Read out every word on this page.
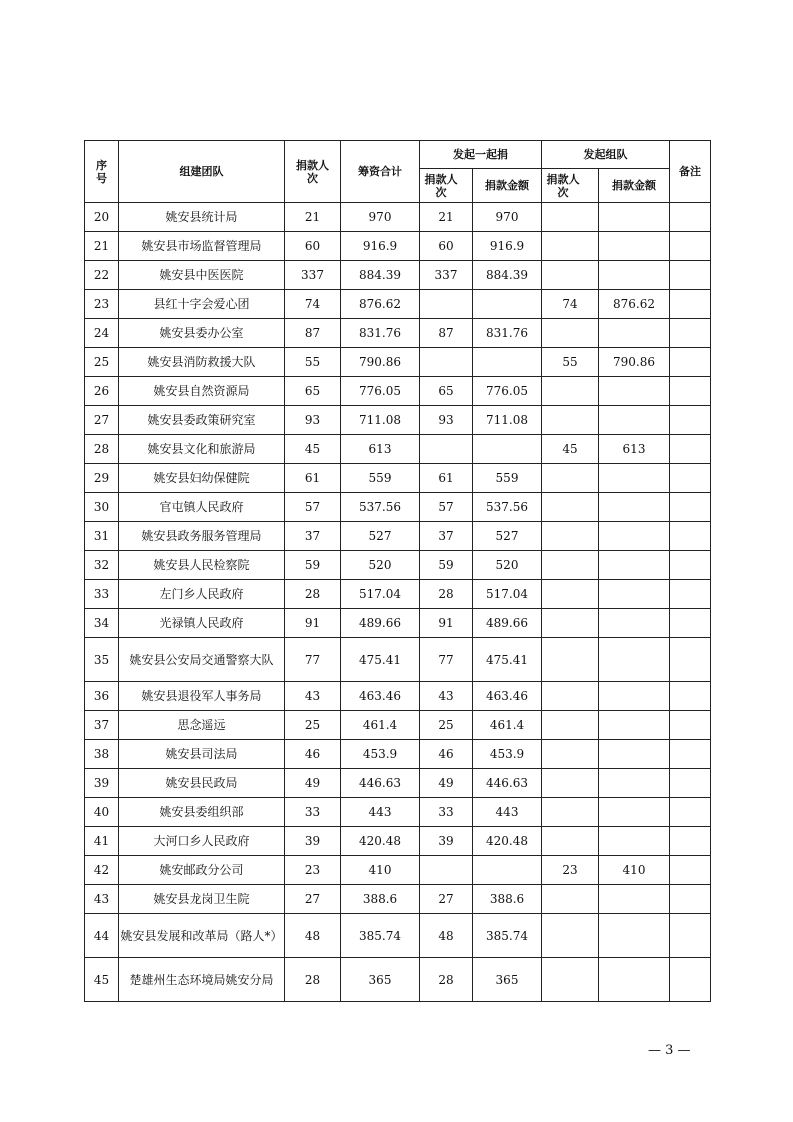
序号	组建团队	捐款人次	筹资合计	发起一起捐		发起组队		备注
				捐款人次	捐款金额	捐款人次	捐款金额	
20	姚安县统计局	21	970	21	970			
21	姚安县市场监督管理局	60	916.9	60	916.9			
22	姚安县中医医院	337	884.39	337	884.39			
23	县红十字会爱心团	74	876.62			74	876.62	
24	姚安县委办公室	87	831.76	87	831.76			
25	姚安县消防救援大队	55	790.86			55	790.86	
26	姚安县自然资源局	65	776.05	65	776.05			
27	姚安县委政策研究室	93	711.08	93	711.08			
28	姚安县文化和旅游局	45	613			45	613	
29	姚安县妇幼保健院	61	559	61	559			
30	官屯镇人民政府	57	537.56	57	537.56			
31	姚安县政务服务管理局	37	527	37	527			
32	姚安县人民检察院	59	520	59	520			
33	左门乡人民政府	28	517.04	28	517.04			
34	光禄镇人民政府	91	489.66	91	489.66			
35	姚安县公安局交通警察大队	77	475.41	77	475.41			
36	姚安县退役军人事务局	43	463.46	43	463.46			
37	思念遥远	25	461.4	25	461.4			
38	姚安县司法局	46	453.9	46	453.9			
39	姚安县民政局	49	446.63	49	446.63			
40	姚安县委组织部	33	443	33	443			
41	大河口乡人民政府	39	420.48	39	420.48			
42	姚安邮政分公司	23	410			23	410	
43	姚安县龙岗卫生院	27	388.6	27	388.6			
44	姚安县发展和改革局（路人*）	48	385.74	48	385.74			
45	楚雄州生态环境局姚安分局	28	365	28	365			
— 3 —
